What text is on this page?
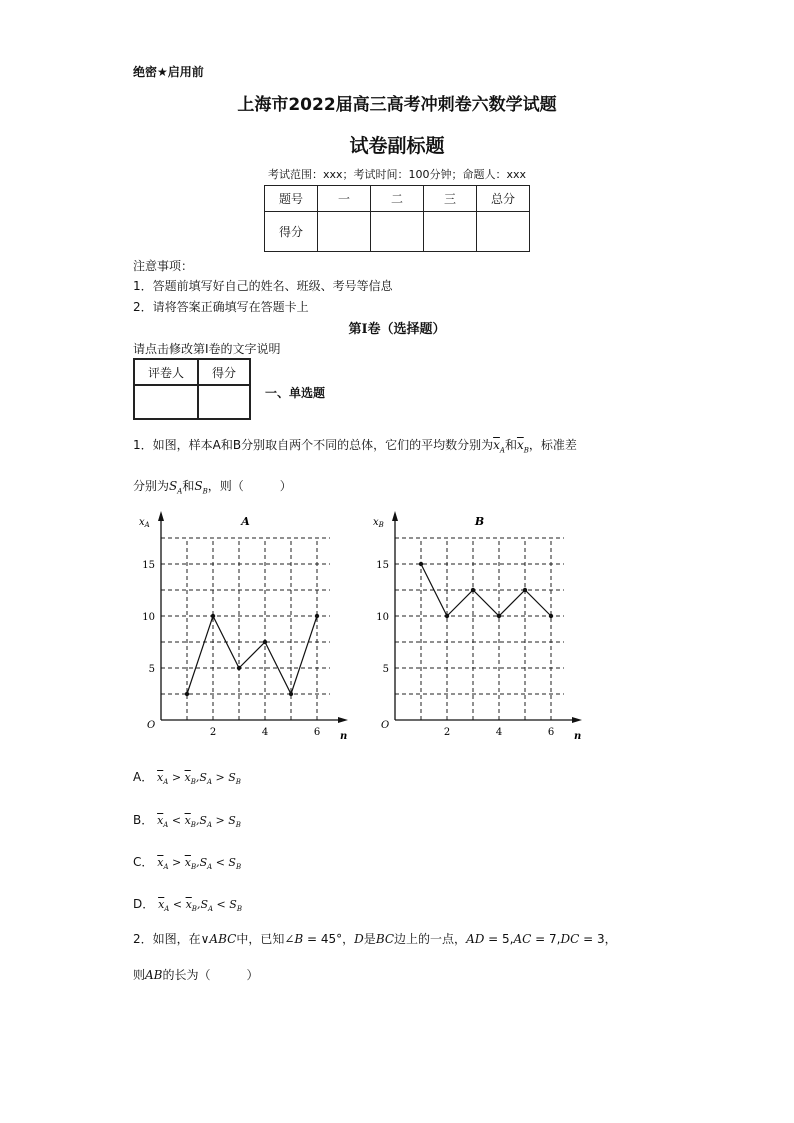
绝密★启用前
上海市2022届高三高考冲刺卷六数学试题
试卷副标题
考试范围：xxx；考试时间：100分钟；命题人：xxx
题号	一	二	三	总分
得分				
注意事项：
1．答题前填写好自己的姓名、班级、考号等信息
2．请将答案正确填写在答题卡上
第I卷（选择题）
请点击修改第I卷的文字说明
评卷人	得分

一、单选题
1．如图，样本A和B分别取自两个不同的总体，它们的平均数分别为$\overline{x}_A$和$\overline{x}_B$，标准差
分别为$S_A$和$S_B$，则（　　　）
2	4	6
5
10
15
O
n
$x_A$	A
2	4	6
5
10
15
O
n
$x_B$	B
A． $\overline{x}_A > \overline{x}_B,S_A > S_B$
B． $\overline{x}_A < \overline{x}_B,S_A > S_B$
C． $\overline{x}_A > \overline{x}_B,S_A < S_B$
D． $\overline{x}_A < \overline{x}_B,S_A < S_B$
2．如图，在∨ABC中，已知∠B = 45°，D是BC边上的一点，AD = 5,AC = 7,DC = 3，
则AB的长为（　　　）
